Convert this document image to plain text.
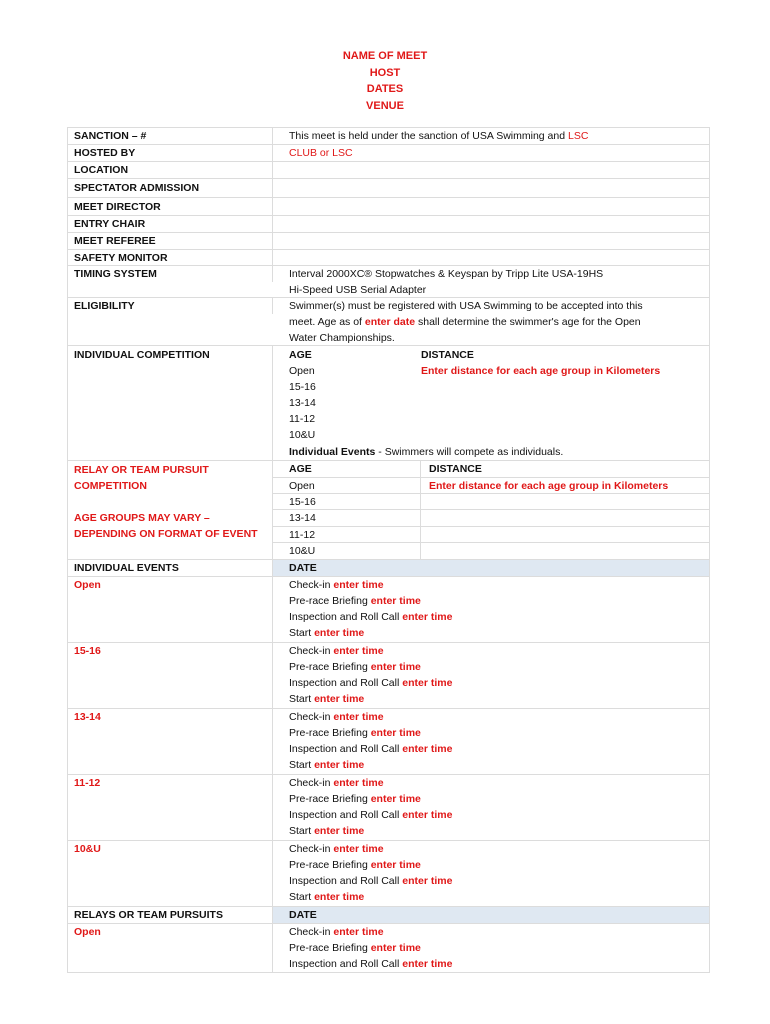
NAME OF MEET
HOST
DATES
VENUE
SANCTION – #	This meet is held under the sanction of USA Swimming and LSC
HOSTED BY	CLUB or LSC
LOCATION
SPECTATOR ADMISSION
MEET DIRECTOR
ENTRY CHAIR
MEET REFEREE
SAFETY MONITOR
TIMING SYSTEM	Interval 2000XC® Stopwatches & Keyspan by Tripp Lite USA-19HS
Hi-Speed USB Serial Adapter
ELIGIBILITY	Swimmer(s) must be registered with USA Swimming to be accepted into this
meet. Age as of enter date shall determine the swimmer's age for the Open
Water Championships.
INDIVIDUAL COMPETITION	AGE	DISTANCE
Open	Enter distance for each age group in Kilometers
15-16
13-14
11-12
10&U
Individual Events - Swimmers will compete as individuals.
RELAY OR TEAM PURSUIT
COMPETITION
AGE GROUPS MAY VARY –
DEPENDING ON FORMAT OF EVENT
AGE	DISTANCE
Open	Enter distance for each age group in Kilometers
15-16
13-14
11-12
10&U
INDIVIDUAL EVENTS	DATE
Open	Check-in enter time
Pre-race Briefing enter time
Inspection and Roll Call enter time
Start enter time
15-16	Check-in enter time
Pre-race Briefing enter time
Inspection and Roll Call enter time
Start enter time
13-14	Check-in enter time
Pre-race Briefing enter time
Inspection and Roll Call enter time
Start enter time
11-12	Check-in enter time
Pre-race Briefing enter time
Inspection and Roll Call enter time
Start enter time
10&U	Check-in enter time
Pre-race Briefing enter time
Inspection and Roll Call enter time
Start enter time
RELAYS OR TEAM PURSUITS	DATE
Open	Check-in enter time
Pre-race Briefing enter time
Inspection and Roll Call enter time
